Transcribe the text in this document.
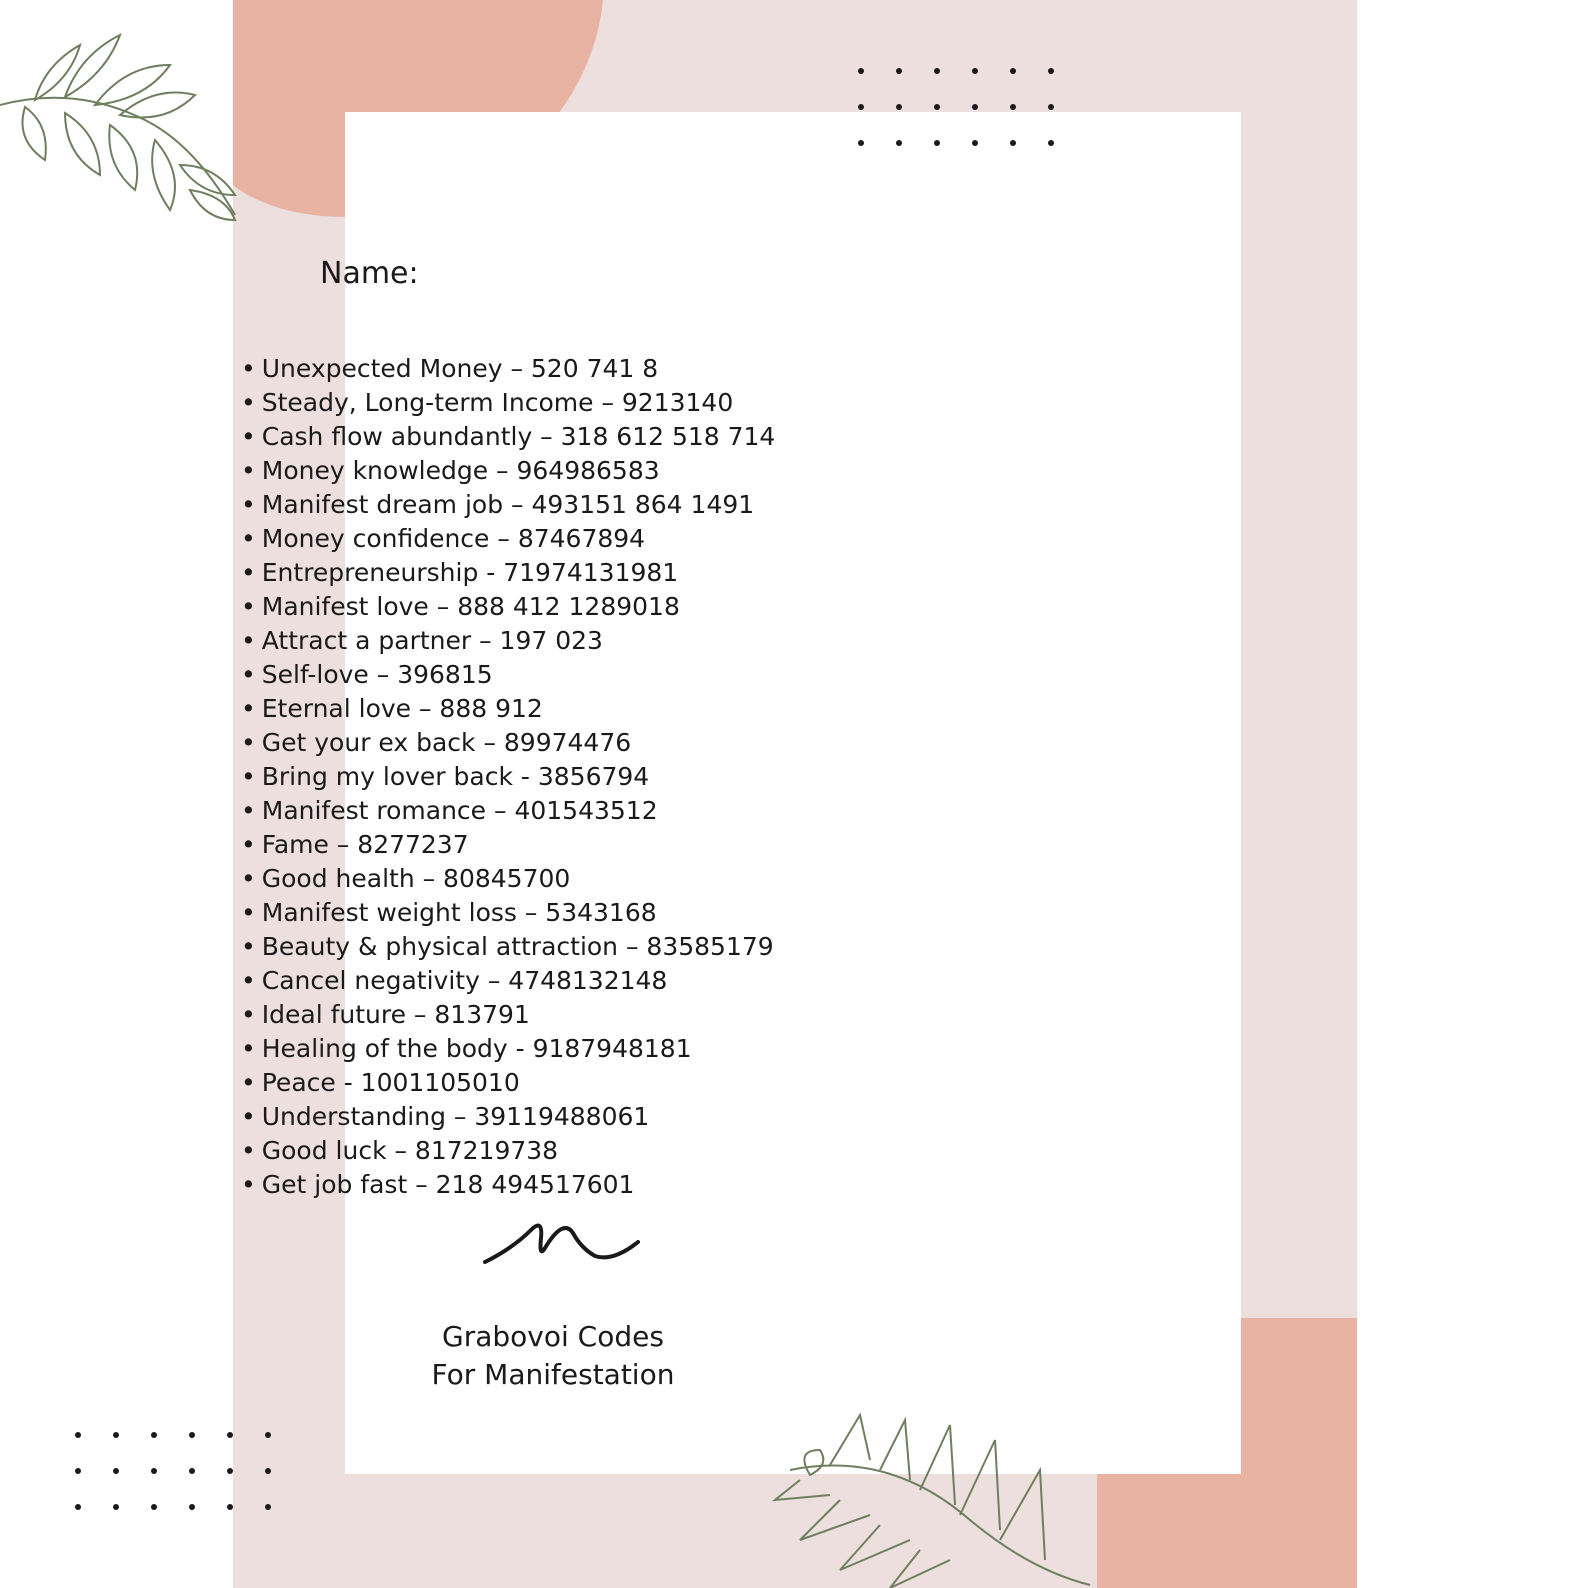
Name:
• Unexpected Money – 520 741 8
• Steady, Long-term Income – 9213140
• Cash flow abundantly – 318 612 518 714
• Money knowledge – 964986583
• Manifest dream job – 493151 864 1491
• Money confidence – 87467894
• Entrepreneurship - 71974131981
• Manifest love – 888 412 1289018
• Attract a partner – 197 023
• Self-love – 396815
• Eternal love – 888 912
• Get your ex back – 89974476
• Bring my lover back - 3856794
• Manifest romance – 401543512
• Fame – 8277237
• Good health – 80845700
• Manifest weight loss – 5343168
• Beauty & physical attraction – 83585179
• Cancel negativity – 4748132148
• Ideal future – 813791
• Healing of the body - 9187948181
• Peace - 1001105010
• Understanding – 39119488061
• Good luck – 817219738
• Get job fast – 218 494517601
Grabovoi Codes
For Manifestation
